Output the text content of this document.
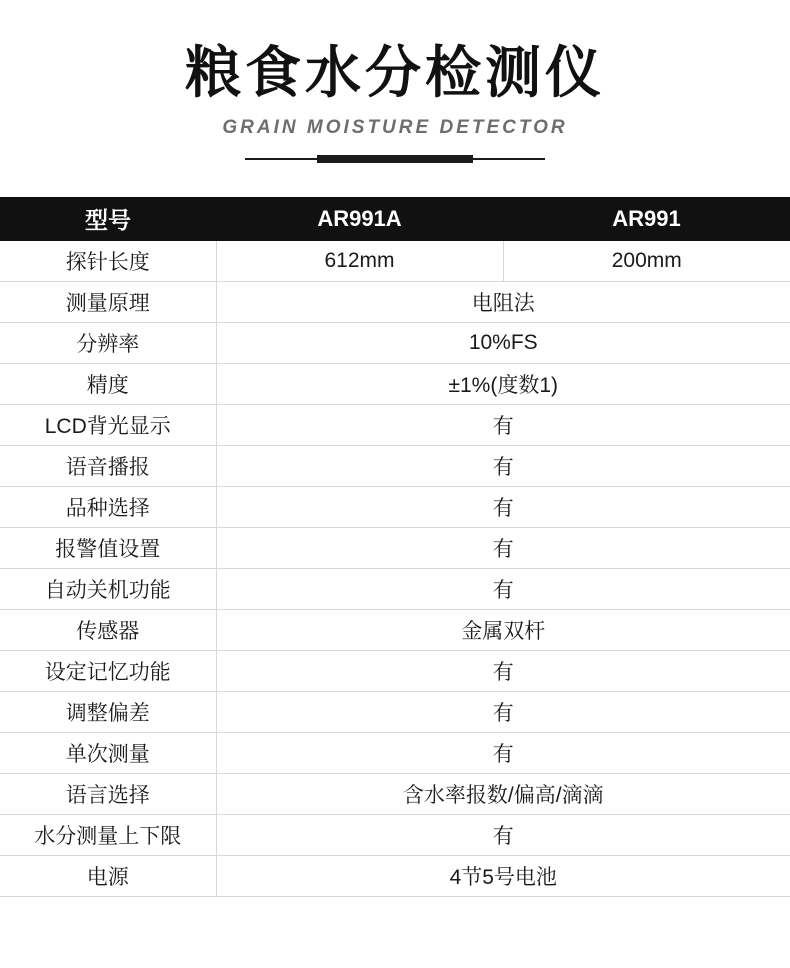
粮食水分检测仪
GRAIN MOISTURE DETECTOR
型号	AR991A	AR991
探针长度	612mm	200mm
测量原理	电阻法	
分辨率	10%FS	
精度	±1%(度数1)	
LCD背光显示	有	
语音播报	有	
品种选择	有	
报警值设置	有	
自动关机功能	有	
传感器	金属双杆	
设定记忆功能	有	
调整偏差	有	
单次测量	有	
语言选择	含水率报数/偏高/滴滴	
水分测量上下限	有	
电源	4节5号电池	
